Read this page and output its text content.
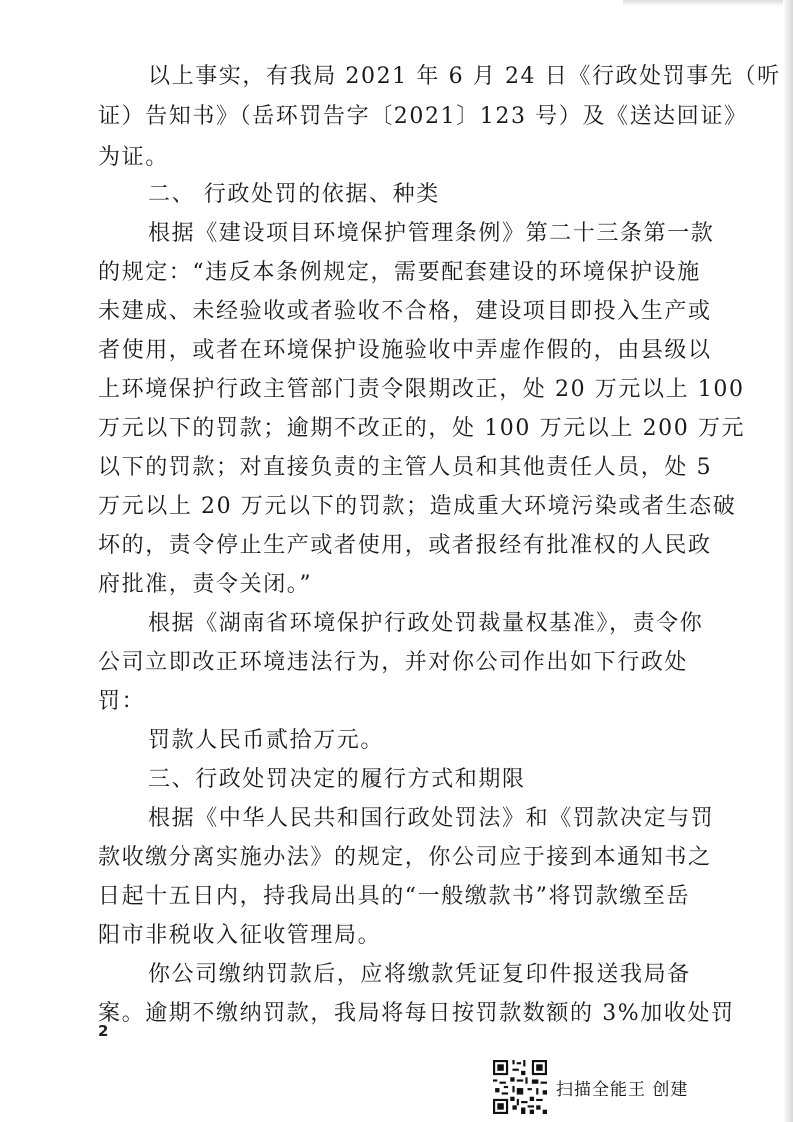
以上事实，有我局 2021 年 6 月 24 日《行政处罚事先（听
证）告知书》（岳环罚告字〔2021〕123 号）及《送达回证》
为证。
二、 行政处罚的依据、种类
根据《建设项目环境保护管理条例》第二十三条第一款
的规定：“违反本条例规定，需要配套建设的环境保护设施
未建成、未经验收或者验收不合格，建设项目即投入生产或
者使用，或者在环境保护设施验收中弄虚作假的，由县级以
上环境保护行政主管部门责令限期改正，处 20 万元以上 100
万元以下的罚款；逾期不改正的，处 100 万元以上 200 万元
以下的罚款；对直接负责的主管人员和其他责任人员，处 5
万元以上 20 万元以下的罚款；造成重大环境污染或者生态破
坏的，责令停止生产或者使用，或者报经有批准权的人民政
府批准，责令关闭。”
根据《湖南省环境保护行政处罚裁量权基准》，责令你
公司立即改正环境违法行为，并对你公司作出如下行政处
罚：
罚款人民币贰拾万元。
三、行政处罚决定的履行方式和期限
根据《中华人民共和国行政处罚法》和《罚款决定与罚
款收缴分离实施办法》的规定，你公司应于接到本通知书之
日起十五日内，持我局出具的“一般缴款书”将罚款缴至岳
阳市非税收入征收管理局。
你公司缴纳罚款后，应将缴款凭证复印件报送我局备
案。逾期不缴纳罚款，我局将每日按罚款数额的 3%加收处罚
2
扫描全能王 创建
